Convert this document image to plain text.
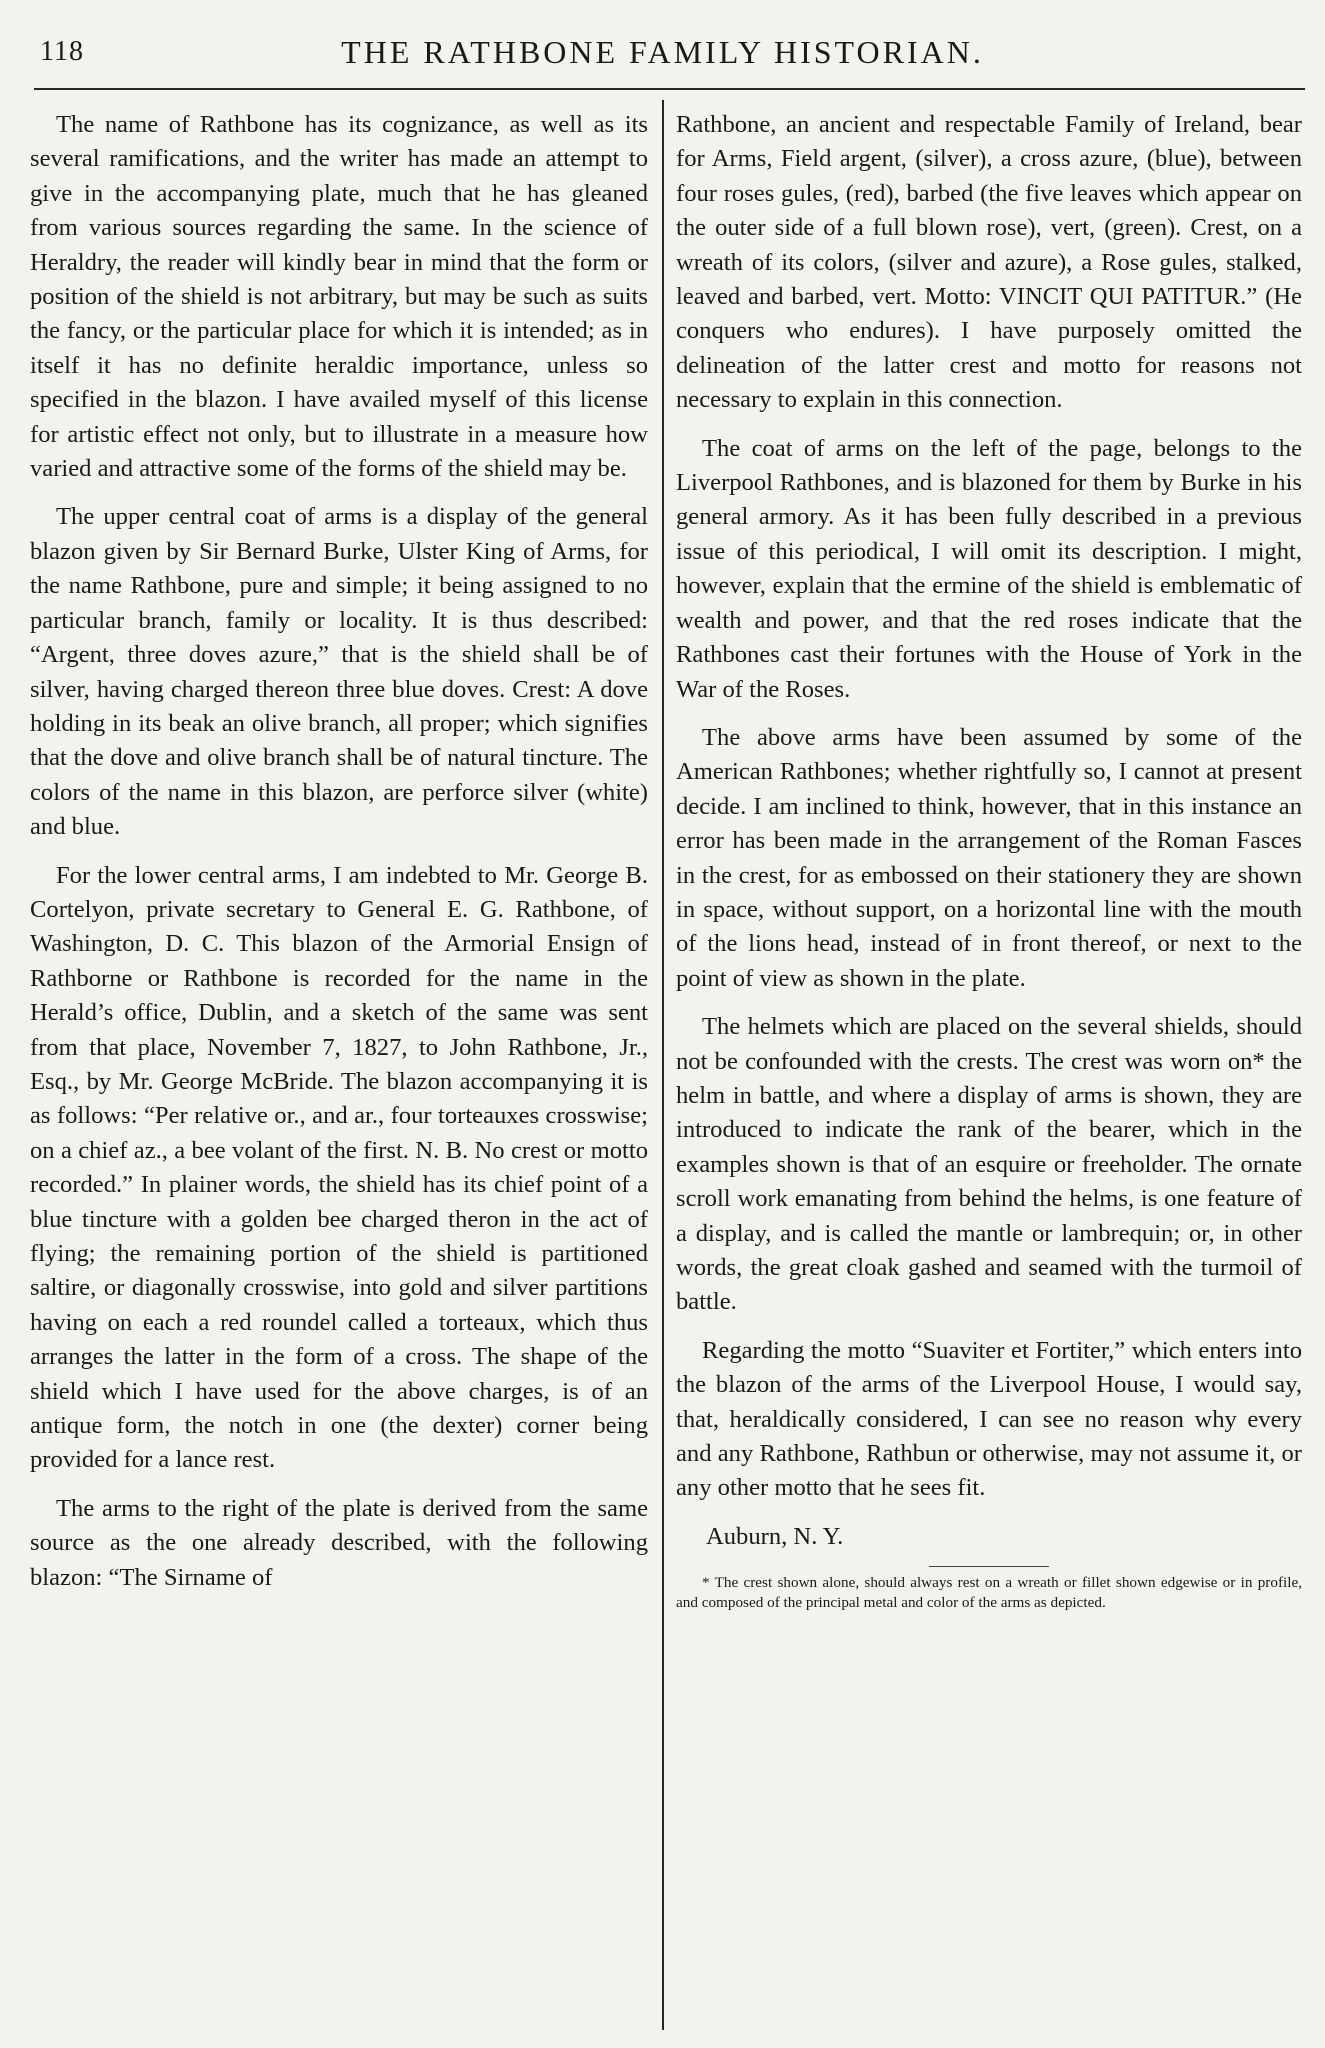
118	THE RATHBONE FAMILY HISTORIAN.

The name of Rathbone has its cognizance, as well as its several ramifications, and the writer has made an attempt to give in the accompanying plate, much that he has gleaned from various sources regarding the same. In the science of Heraldry, the reader will kindly bear in mind that the form or position of the shield is not arbitrary, but may be such as suits the fancy, or the particular place for which it is intended; as in itself it has no definite heraldic importance, unless so specified in the blazon. I have availed myself of this license for artistic effect not only, but to illustrate in a measure how varied and attractive some of the forms of the shield may be.

The upper central coat of arms is a display of the general blazon given by Sir Bernard Burke, Ulster King of Arms, for the name Rathbone, pure and simple; it being assigned to no particular branch, family or locality. It is thus described: “Argent, three doves azure,” that is the shield shall be of silver, having charged thereon three blue doves. Crest: A dove holding in its beak an olive branch, all proper; which signifies that the dove and olive branch shall be of natural tincture. The colors of the name in this blazon, are perforce silver (white) and blue.

For the lower central arms, I am indebted to Mr. George B. Cortelyon, private secretary to General E. G. Rathbone, of Washington, D. C. This blazon of the Armorial Ensign of Rathborne or Rathbone is recorded for the name in the Herald’s office, Dublin, and a sketch of the same was sent from that place, November 7, 1827, to John Rathbone, Jr., Esq., by Mr. George McBride. The blazon accompanying it is as follows: “Per relative or., and ar., four torteauxes crosswise; on a chief az., a bee volant of the first. N. B. No crest or motto recorded.” In plainer words, the shield has its chief point of a blue tincture with a golden bee charged theron in the act of flying; the remaining portion of the shield is partitioned saltire, or diagonally crosswise, into gold and silver partitions having on each a red roundel called a torteaux, which thus arranges the latter in the form of a cross. The shape of the shield which I have used for the above charges, is of an antique form, the notch in one (the dexter) corner being provided for a lance rest.

The arms to the right of the plate is derived from the same source as the one already described, with the following blazon: “The Sirname of

Rathbone, an ancient and respectable Family of Ireland, bear for Arms, Field argent, (silver), a cross azure, (blue), between four roses gules, (red), barbed (the five leaves which appear on the outer side of a full blown rose), vert, (green). Crest, on a wreath of its colors, (silver and azure), a Rose gules, stalked, leaved and barbed, vert. Motto: VINCIT QUI PATITUR.” (He conquers who endures). I have purposely omitted the delineation of the latter crest and motto for reasons not necessary to explain in this connection.

The coat of arms on the left of the page, belongs to the Liverpool Rathbones, and is blazoned for them by Burke in his general armory. As it has been fully described in a previous issue of this periodical, I will omit its description. I might, however, explain that the ermine of the shield is emblematic of wealth and power, and that the red roses indicate that the Rathbones cast their fortunes with the House of York in the War of the Roses.

The above arms have been assumed by some of the American Rathbones; whether rightfully so, I cannot at present decide. I am inclined to think, however, that in this instance an error has been made in the arrangement of the Roman Fasces in the crest, for as embossed on their stationery they are shown in space, without support, on a horizontal line with the mouth of the lions head, instead of in front thereof, or next to the point of view as shown in the plate.

The helmets which are placed on the several shields, should not be confounded with the crests. The crest was worn on* the helm in battle, and where a display of arms is shown, they are introduced to indicate the rank of the bearer, which in the examples shown is that of an esquire or freeholder. The ornate scroll work emanating from behind the helms, is one feature of a display, and is called the mantle or lambrequin; or, in other words, the great cloak gashed and seamed with the turmoil of battle.

Regarding the motto “Suaviter et Fortiter,” which enters into the blazon of the arms of the Liverpool House, I would say, that, heraldically considered, I can see no reason why every and any Rathbone, Rathbun or otherwise, may not assume it, or any other motto that he sees fit.

Auburn, N. Y.

* The crest shown alone, should always rest on a wreath or fillet shown edgewise or in profile, and composed of the principal metal and color of the arms as depicted.
